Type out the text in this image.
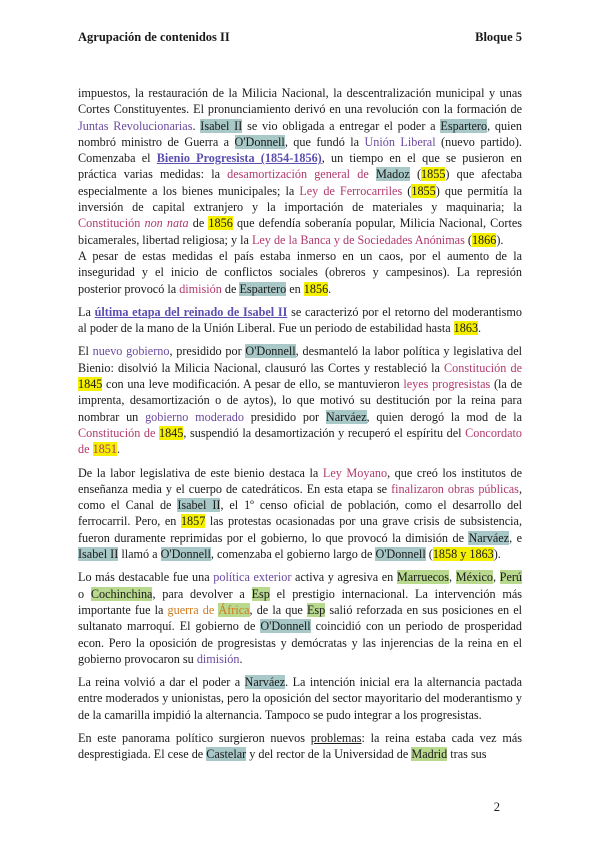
Agrupación de contenidos II	Bloque 5

impuestos, la restauración de la Milicia Nacional, la descentralización municipal y unas Cortes Constituyentes. El pronunciamiento derivó en una revolución con la formación de Juntas Revolucionarias. Isabel II se vio obligada a entregar el poder a Espartero, quien nombró ministro de Guerra a O'Donnell, que fundó la Unión Liberal (nuevo partido). Comenzaba el Bienio Progresista (1854-1856), un tiempo en el que se pusieron en práctica varias medidas: la desamortización general de Madoz (1855) que afectaba especialmente a los bienes municipales; la Ley de Ferrocarriles (1855) que permitía la inversión de capital extranjero y la importación de materiales y maquinaria; la Constitución non nata de 1856 que defendía soberanía popular, Milicia Nacional, Cortes bicamerales, libertad religiosa; y la Ley de la Banca y de Sociedades Anónimas (1866).

A pesar de estas medidas el país estaba inmerso en un caos, por el aumento de la inseguridad y el inicio de conflictos sociales (obreros y campesinos). La represión posterior provocó la dimisión de Espartero en 1856.

La última etapa del reinado de Isabel II se caracterizó por el retorno del moderantismo al poder de la mano de la Unión Liberal. Fue un periodo de estabilidad hasta 1863.

El nuevo gobierno, presidido por O'Donnell, desmanteló la labor política y legislativa del Bienio: disolvió la Milicia Nacional, clausuró las Cortes y restableció la Constitución de 1845 con una leve modificación. A pesar de ello, se mantuvieron leyes progresistas (la de imprenta, desamortización o de aytos), lo que motivó su destitución por la reina para nombrar un gobierno moderado presidido por Narváez, quien derogó la mod de la Constitución de 1845, suspendió la desamortización y recuperó el espíritu del Concordato de 1851.

De la labor legislativa de este bienio destaca la Ley Moyano, que creó los institutos de enseñanza media y el cuerpo de catedráticos. En esta etapa se finalizaron obras públicas, como el Canal de Isabel II, el 1º censo oficial de población, como el desarrollo del ferrocarril. Pero, en 1857 las protestas ocasionadas por una grave crisis de subsistencia, fueron duramente reprimidas por el gobierno, lo que provocó la dimisión de Narváez, e Isabel II llamó a O'Donnell, comenzaba el gobierno largo de O'Donnell (1858 y 1863).

Lo más destacable fue una política exterior activa y agresiva en Marruecos, México, Perú o Cochinchina, para devolver a Esp el prestigio internacional. La intervención más importante fue la guerra de África, de la que Esp salió reforzada en sus posiciones en el sultanato marroquí. El gobierno de O'Donnell coincidió con un periodo de prosperidad econ. Pero la oposición de progresistas y demócratas y las injerencias de la reina en el gobierno provocaron su dimisión.

La reina volvió a dar el poder a Narváez. La intención inicial era la alternancia pactada entre moderados y unionistas, pero la oposición del sector mayoritario del moderantismo y de la camarilla impidió la alternancia. Tampoco se pudo integrar a los progresistas.

En este panorama político surgieron nuevos problemas: la reina estaba cada vez más desprestigiada. El cese de Castelar y del rector de la Universidad de Madrid tras sus

2
